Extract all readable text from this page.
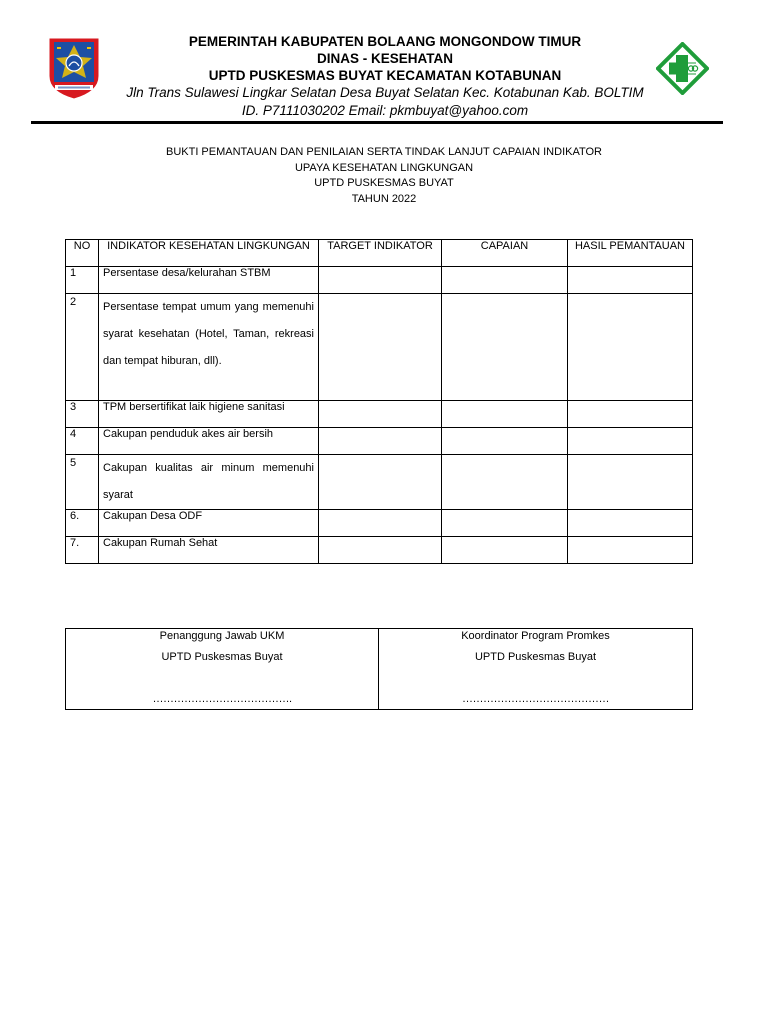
PEMERINTAH KABUPATEN BOLAANG MONGONDOW TIMUR
DINAS - KESEHATAN
UPTD PUSKESMAS BUYAT KECAMATAN KOTABUNAN
Jln Trans Sulawesi Lingkar Selatan Desa Buyat Selatan Kec. Kotabunan Kab. BOLTIM
ID. P7111030202 Email: pkmbuyat@yahoo.com
BUKTI PEMANTAUAN DAN PENILAIAN SERTA TINDAK LANJUT CAPAIAN INDIKATOR
UPAYA KESEHATAN LINGKUNGAN
UPTD PUSKESMAS BUYAT
TAHUN 2022
NO	INDIKATOR KESEHATAN LINGKUNGAN	TARGET INDIKATOR	CAPAIAN	HASIL PEMANTAUAN
1	Persentase desa/kelurahan STBM			
2	Persentase tempat umum yang memenuhi syarat kesehatan (Hotel, Taman, rekreasi dan tempat hiburan, dll).			
3	TPM bersertifikat laik higiene sanitasi			
4	Cakupan penduduk akes air bersih			
5	Cakupan kualitas air minum memenuhi syarat			
6.	Cakupan Desa ODF			
7.	Cakupan Rumah Sehat			
Penanggung Jawab UKM
UPTD Puskesmas Buyat
………………………………….

Koordinator Program Promkes
UPTD Puskesmas Buyat
……………………………………
